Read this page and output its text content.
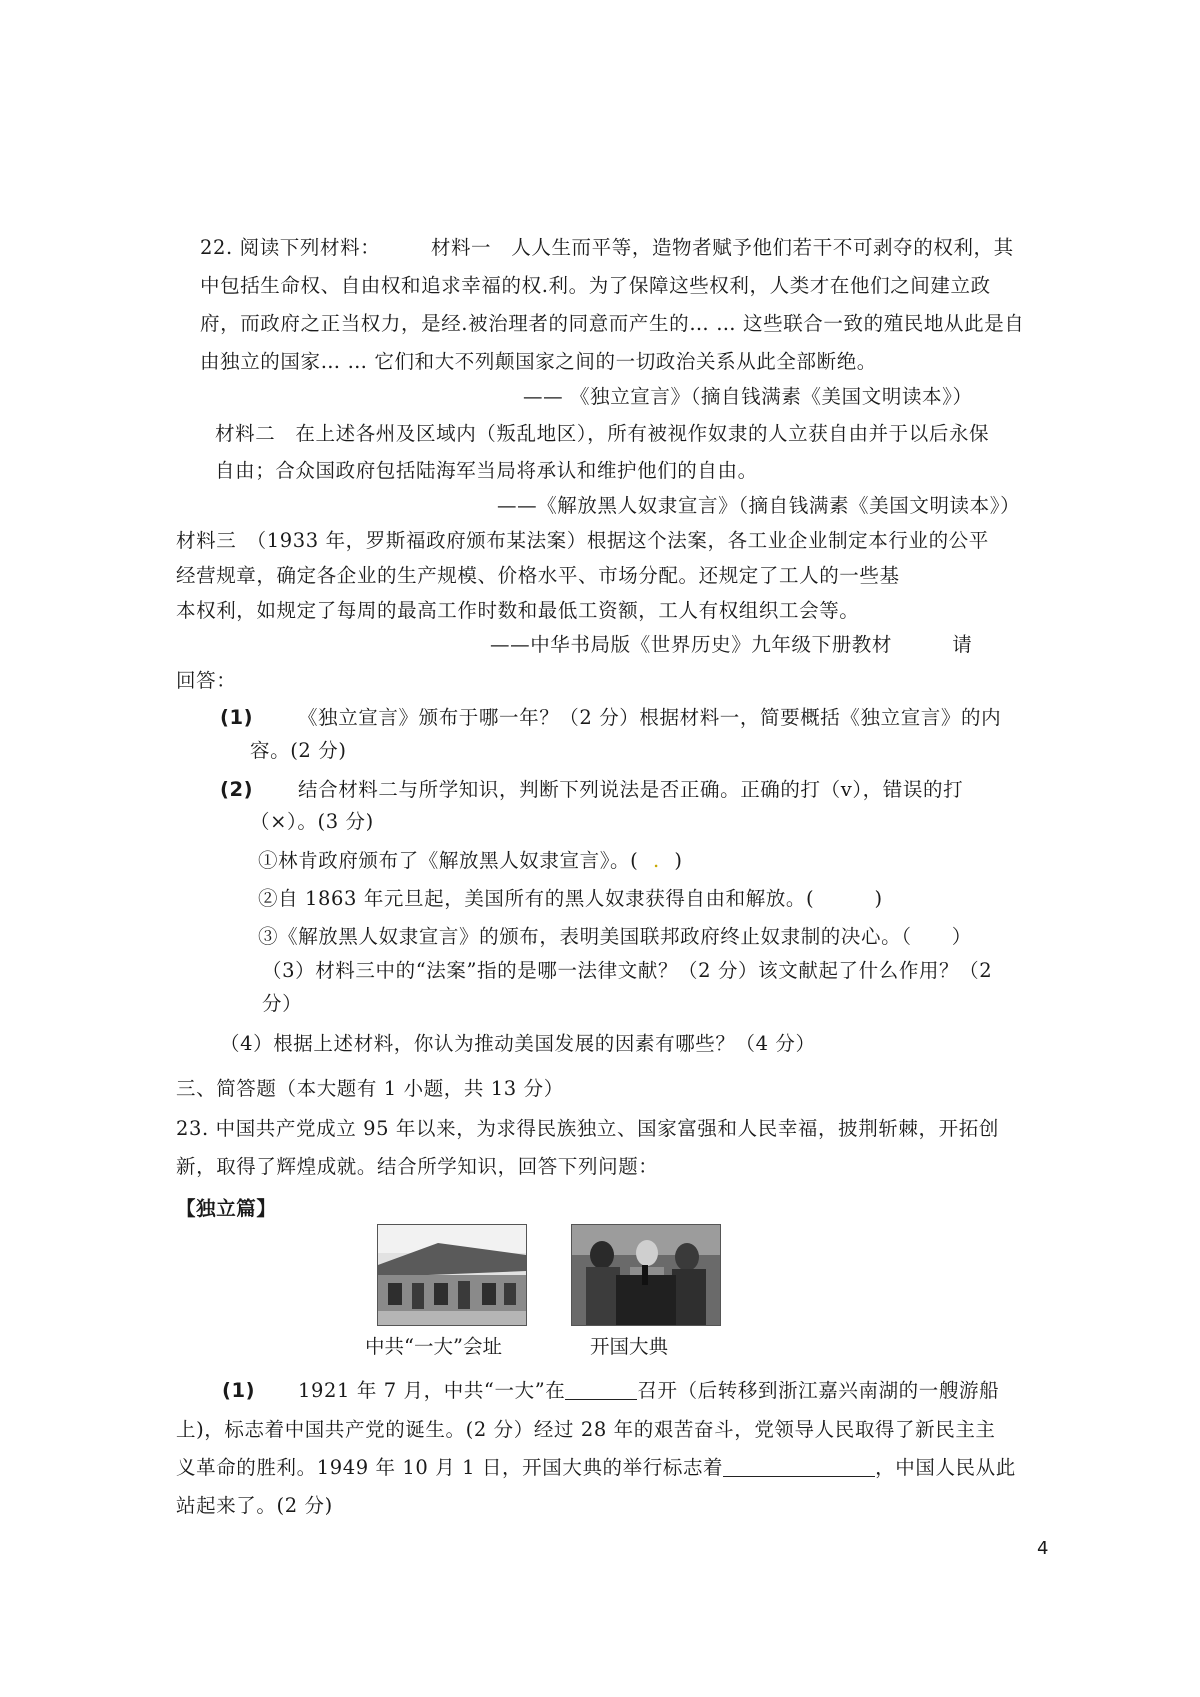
22. 阅读下列材料：　　　材料一　人人生而平等，造物者赋予他们若干不可剥夺的权利，其
中包括生命权、自由权和追求幸福的权.利。为了保障这些权利，人类才在他们之间建立政
府，而政府之正当权力，是经.被治理者的同意而产生的… … 这些联合一致的殖民地从此是自
由独立的国家… … 它们和大不列颠国家之间的一切政治关系从此全部断绝。
—— 《独立宣言》（摘自钱满素《美国文明读本》）
材料二　在上述各州及区域内（叛乱地区），所有被视作奴隶的人立获自由并于以后永保
自由；合众国政府包括陆海军当局将承认和维护他们的自由。
——《解放黑人奴隶宣言》（摘自钱满素《美国文明读本》）
材料三　（1933 年，罗斯福政府颁布某法案）根据这个法案，各工业企业制定本行业的公平
经营规章，确定各企业的生产规模、价格水平、市场分配。还规定了工人的一些基
本权利，如规定了每周的最高工作时数和最低工资额，工人有权组织工会等。
——中华书局版《世界历史》九年级下册教材　　　请
回答：
(1) 《独立宣言》颁布于哪一年？（2 分）根据材料一，简要概括《独立宣言》的内
容。(2 分)
(2) 结合材料二与所学知识，判断下列说法是否正确。正确的打（v），错误的打
（×）。(3 分)
①林肯政府颁布了《解放黑人奴隶宣言》。( . )
②自 1863 年元旦起，美国所有的黑人奴隶获得自由和解放。(　　　)
③《解放黑人奴隶宣言》的颁布，表明美国联邦政府终止奴隶制的决心。（　　）
（3）材料三中的“法案”指的是哪一法律文献？（2 分）该文献起了什么作用？（2
分）
（4）根据上述材料，你认为推动美国发展的因素有哪些？（4 分）
三、简答题（本大题有 1 小题，共 13 分）
23. 中国共产党成立 95 年以来，为求得民族独立、国家富强和人民幸福，披荆斩棘，开拓创
新，取得了辉煌成就。结合所学知识，回答下列问题：
【独立篇】
中共“一大”会址	开国大典
(1) 1921 年 7 月，中共“一大”在	召开（后转移到浙江嘉兴南湖的一艘游船
上)，标志着中国共产党的诞生。(2 分）经过 28 年的艰苦奋斗，党领导人民取得了新民主主
义革命的胜利。1949 年 10 月 1 日，开国大典的举行标志着	，中国人民从此
站起来了。(2 分)
4
